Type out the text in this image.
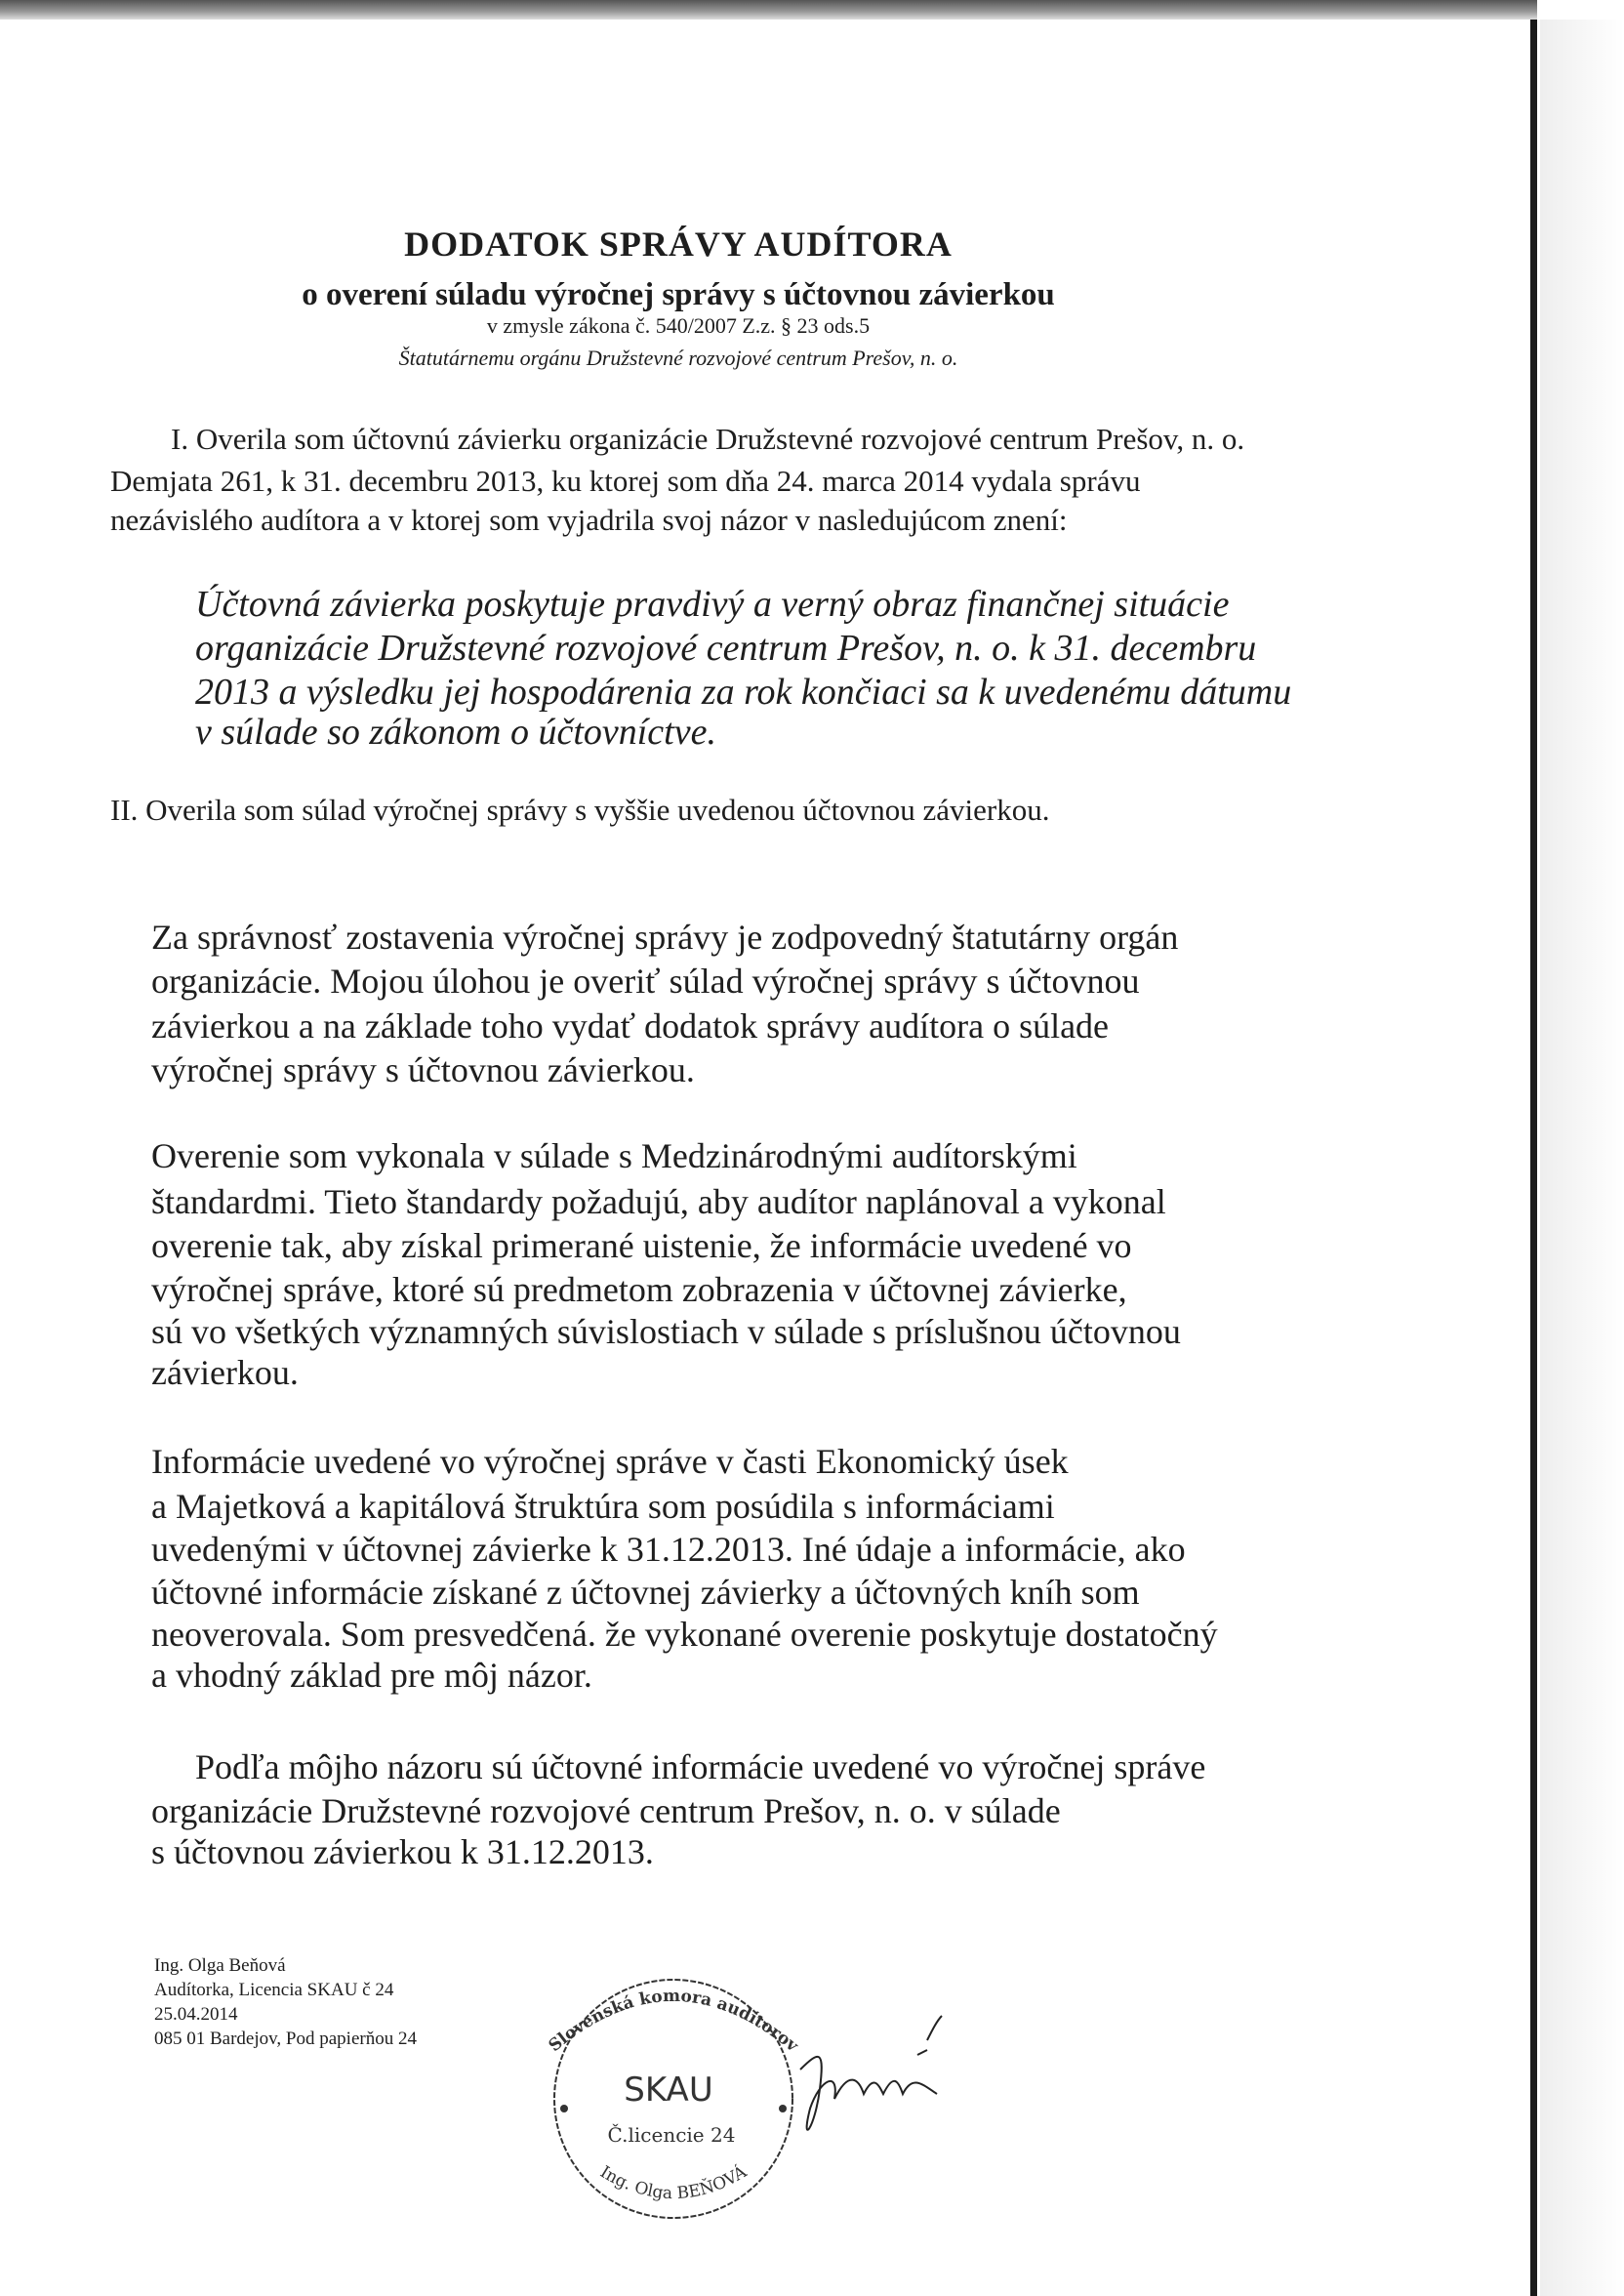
DODATOK SPRÁVY AUDÍTORA
o overení súladu výročnej správy s účtovnou závierkou
v zmysle zákona č. 540/2007 Z.z. § 23 ods.5
Štatutárnemu orgánu Družstevné rozvojové centrum Prešov, n. o.
I. Overila som účtovnú závierku organizácie Družstevné rozvojové centrum Prešov, n. o.
Demjata 261, k 31. decembru 2013, ku ktorej som dňa 24. marca 2014 vydala správu
nezávislého audítora a v ktorej som vyjadrila svoj názor v nasledujúcom znení:
Účtovná závierka poskytuje pravdivý a verný obraz finančnej situácie
organizácie Družstevné rozvojové centrum Prešov, n. o. k 31. decembru
2013 a výsledku jej hospodárenia za rok končiaci sa k uvedenému dátumu
v súlade so zákonom o účtovníctve.
II. Overila som súlad výročnej správy s vyššie uvedenou účtovnou závierkou.
Za správnosť zostavenia výročnej správy je zodpovedný štatutárny orgán
organizácie. Mojou úlohou je overiť súlad výročnej správy s účtovnou
závierkou a na základe toho vydať dodatok správy audítora o súlade
výročnej správy s účtovnou závierkou.
Overenie som vykonala v súlade s Medzinárodnými audítorskými
štandardmi. Tieto štandardy požadujú, aby audítor naplánoval a vykonal
overenie tak, aby získal primerané uistenie, že informácie uvedené vo
výročnej správe, ktoré sú predmetom zobrazenia v účtovnej závierke,
sú vo všetkých významných súvislostiach v súlade s príslušnou účtovnou
závierkou.
Informácie uvedené vo výročnej správe v časti Ekonomický úsek
a Majetková a kapitálová štruktúra som posúdila s informáciami
uvedenými v účtovnej závierke k 31.12.2013. Iné údaje a informácie, ako
účtovné informácie získané z účtovnej závierky a účtovných kníh som
neoverovala. Som presvedčená. že vykonané overenie poskytuje dostatočný
a vhodný základ pre môj názor.
Podľa môjho názoru sú účtovné informácie uvedené vo výročnej správe
organizácie Družstevné rozvojové centrum Prešov, n. o. v súlade
s účtovnou závierkou k 31.12.2013.
Ing. Olga Beňová
Audítorka, Licencia SKAU č 24
25.04.2014
085 01 Bardejov, Pod papierňou 24	Slovenská komora audítorov
Ing. Olga BEŇOVÁ
SKAU
Č.licencie 24
